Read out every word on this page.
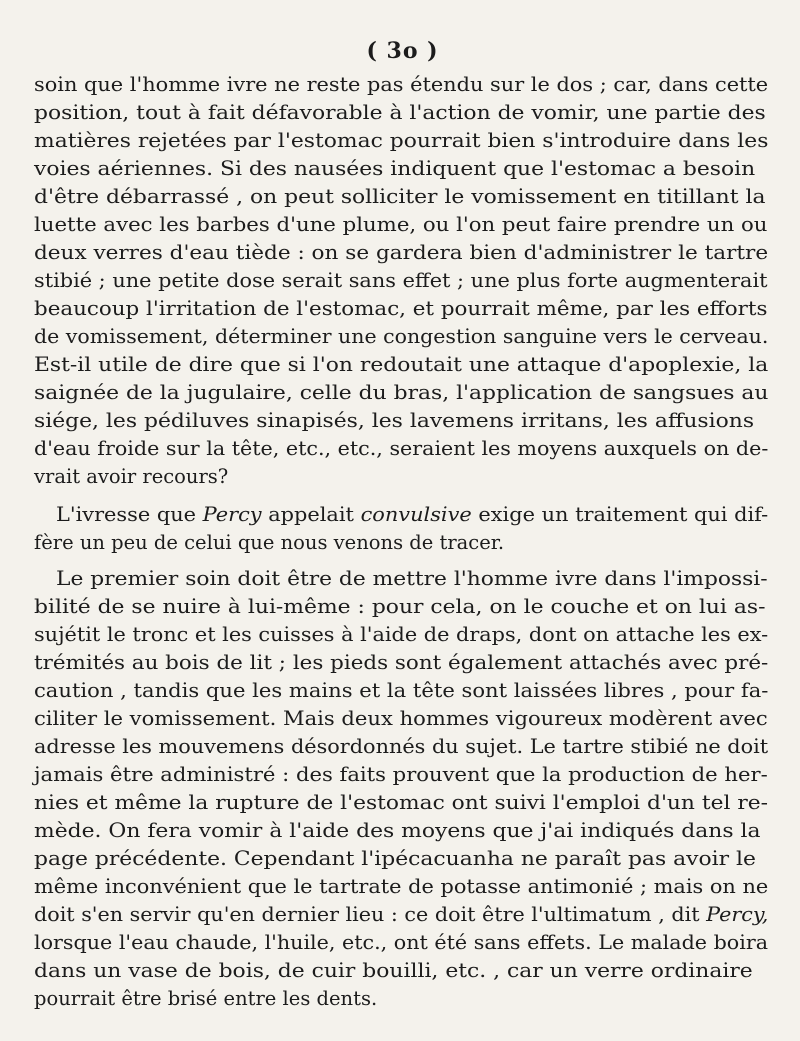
( 3o )
soin que l'homme ivre ne reste pas étendu sur le dos ; car, dans cette
position, tout à fait défavorable à l'action de vomir, une partie des
matières rejetées par l'estomac pourrait bien s'introduire dans les
voies aériennes. Si des nausées indiquent que l'estomac a besoin
d'être débarrassé , on peut solliciter le vomissement en titillant la
luette avec les barbes d'une plume, ou l'on peut faire prendre un ou
deux verres d'eau tiède : on se gardera bien d'administrer le tartre
stibié ; une petite dose serait sans effet ; une plus forte augmenterait
beaucoup l'irritation de l'estomac, et pourrait même, par les efforts
de vomissement, déterminer une congestion sanguine vers le cerveau.
Est-il utile de dire que si l'on redoutait une attaque d'apoplexie, la
saignée de la jugulaire, celle du bras, l'application de sangsues au
siége, les pédiluves sinapisés, les lavemens irritans, les affusions
d'eau froide sur la tête, etc., etc., seraient les moyens auxquels on de-
vrait avoir recours?
L'ivresse que Percy appelait convulsive exige un traitement qui dif-
fère un peu de celui que nous venons de tracer.
Le premier soin doit être de mettre l'homme ivre dans l'impossi-
bilité de se nuire à lui-même : pour cela, on le couche et on lui as-
sujétit le tronc et les cuisses à l'aide de draps, dont on attache les ex-
trémités au bois de lit ; les pieds sont également attachés avec pré-
caution , tandis que les mains et la tête sont laissées libres , pour fa-
ciliter le vomissement. Mais deux hommes vigoureux modèrent avec
adresse les mouvemens désordonnés du sujet. Le tartre stibié ne doit
jamais être administré : des faits prouvent que la production de her-
nies et même la rupture de l'estomac ont suivi l'emploi d'un tel re-
mède. On fera vomir à l'aide des moyens que j'ai indiqués dans la
page précédente. Cependant l'ipécacuanha ne paraît pas avoir le
même inconvénient que le tartrate de potasse antimonié ; mais on ne
doit s'en servir qu'en dernier lieu : ce doit être l'ultimatum , dit Percy,
lorsque l'eau chaude, l'huile, etc., ont été sans effets. Le malade boira
dans un vase de bois, de cuir bouilli, etc. , car un verre ordinaire
pourrait être brisé entre les dents.
